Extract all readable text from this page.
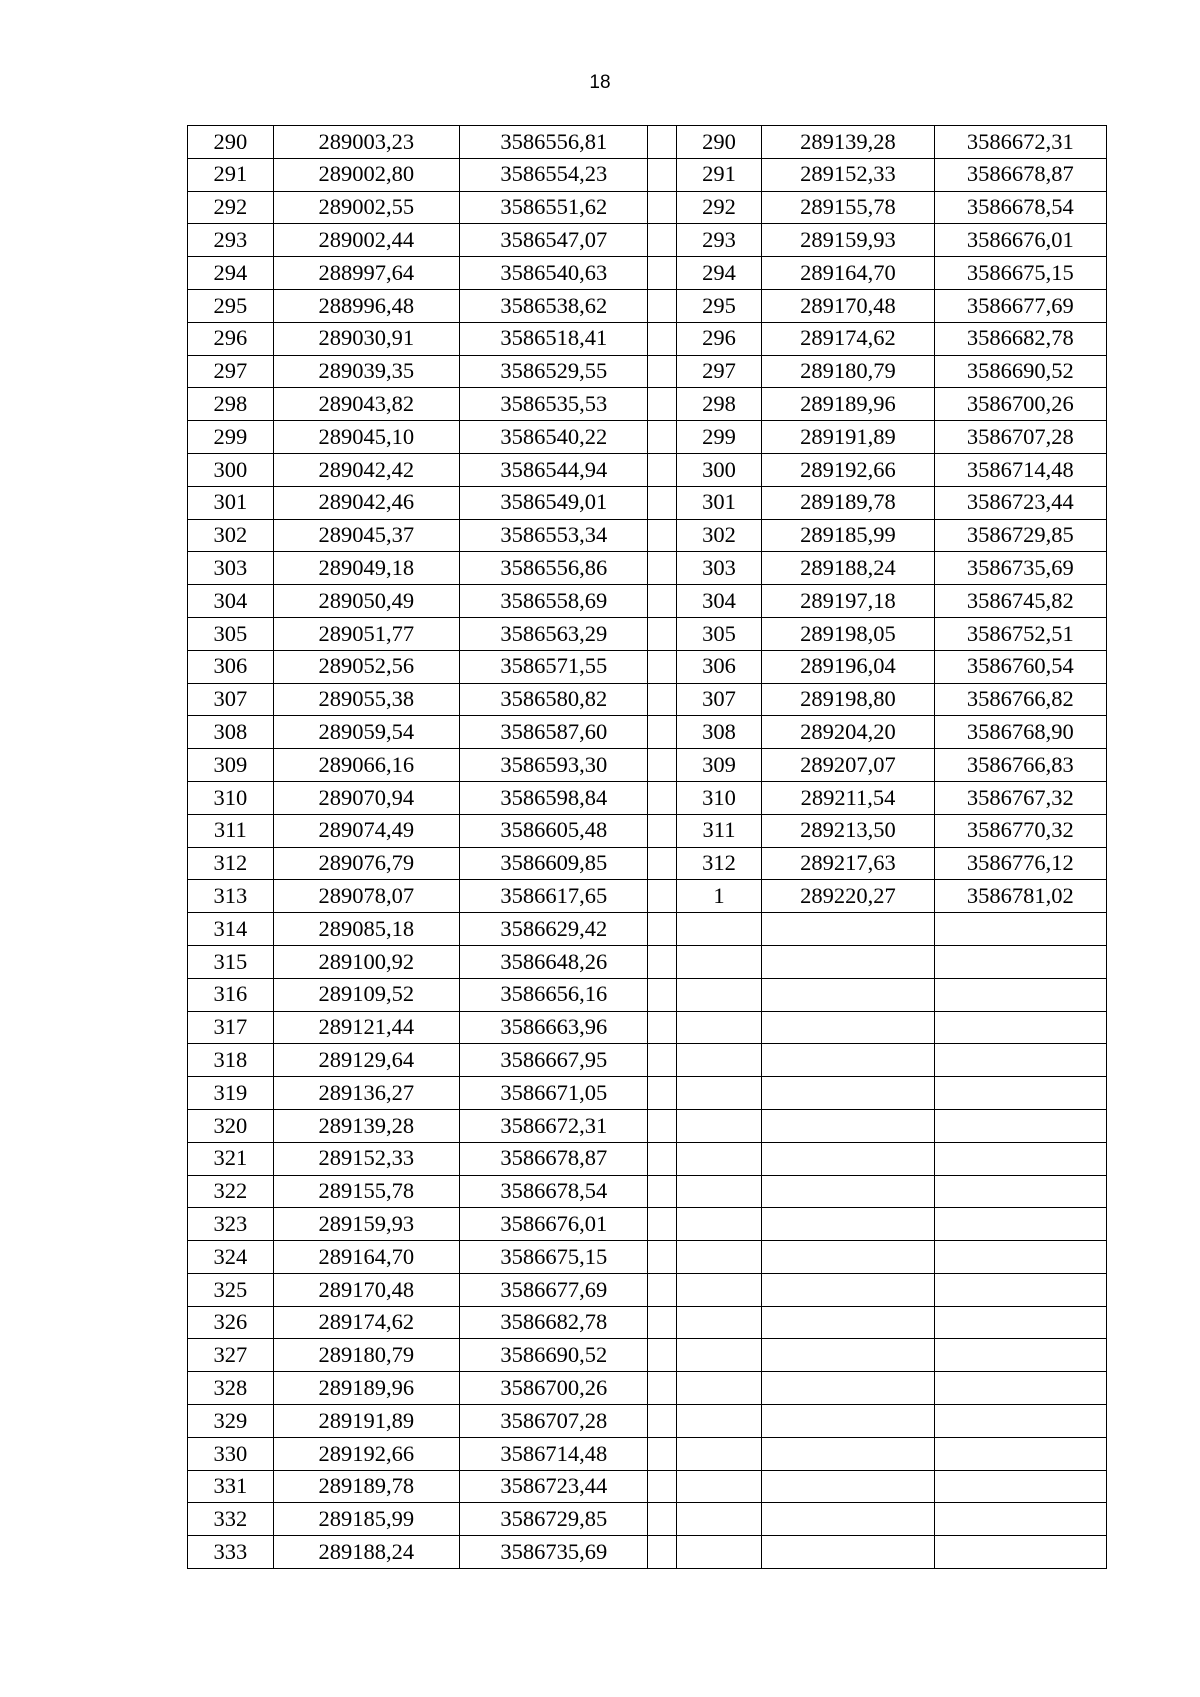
18
290	289003,23	3586556,81		290	289139,28	3586672,31
291	289002,80	3586554,23		291	289152,33	3586678,87
292	289002,55	3586551,62		292	289155,78	3586678,54
293	289002,44	3586547,07		293	289159,93	3586676,01
294	288997,64	3586540,63		294	289164,70	3586675,15
295	288996,48	3586538,62		295	289170,48	3586677,69
296	289030,91	3586518,41		296	289174,62	3586682,78
297	289039,35	3586529,55		297	289180,79	3586690,52
298	289043,82	3586535,53		298	289189,96	3586700,26
299	289045,10	3586540,22		299	289191,89	3586707,28
300	289042,42	3586544,94		300	289192,66	3586714,48
301	289042,46	3586549,01		301	289189,78	3586723,44
302	289045,37	3586553,34		302	289185,99	3586729,85
303	289049,18	3586556,86		303	289188,24	3586735,69
304	289050,49	3586558,69		304	289197,18	3586745,82
305	289051,77	3586563,29		305	289198,05	3586752,51
306	289052,56	3586571,55		306	289196,04	3586760,54
307	289055,38	3586580,82		307	289198,80	3586766,82
308	289059,54	3586587,60		308	289204,20	3586768,90
309	289066,16	3586593,30		309	289207,07	3586766,83
310	289070,94	3586598,84		310	289211,54	3586767,32
311	289074,49	3586605,48		311	289213,50	3586770,32
312	289076,79	3586609,85		312	289217,63	3586776,12
313	289078,07	3586617,65		1	289220,27	3586781,02
314	289085,18	3586629,42				
315	289100,92	3586648,26				
316	289109,52	3586656,16				
317	289121,44	3586663,96				
318	289129,64	3586667,95				
319	289136,27	3586671,05				
320	289139,28	3586672,31				
321	289152,33	3586678,87				
322	289155,78	3586678,54				
323	289159,93	3586676,01				
324	289164,70	3586675,15				
325	289170,48	3586677,69				
326	289174,62	3586682,78				
327	289180,79	3586690,52				
328	289189,96	3586700,26				
329	289191,89	3586707,28				
330	289192,66	3586714,48				
331	289189,78	3586723,44				
332	289185,99	3586729,85				
333	289188,24	3586735,69				
